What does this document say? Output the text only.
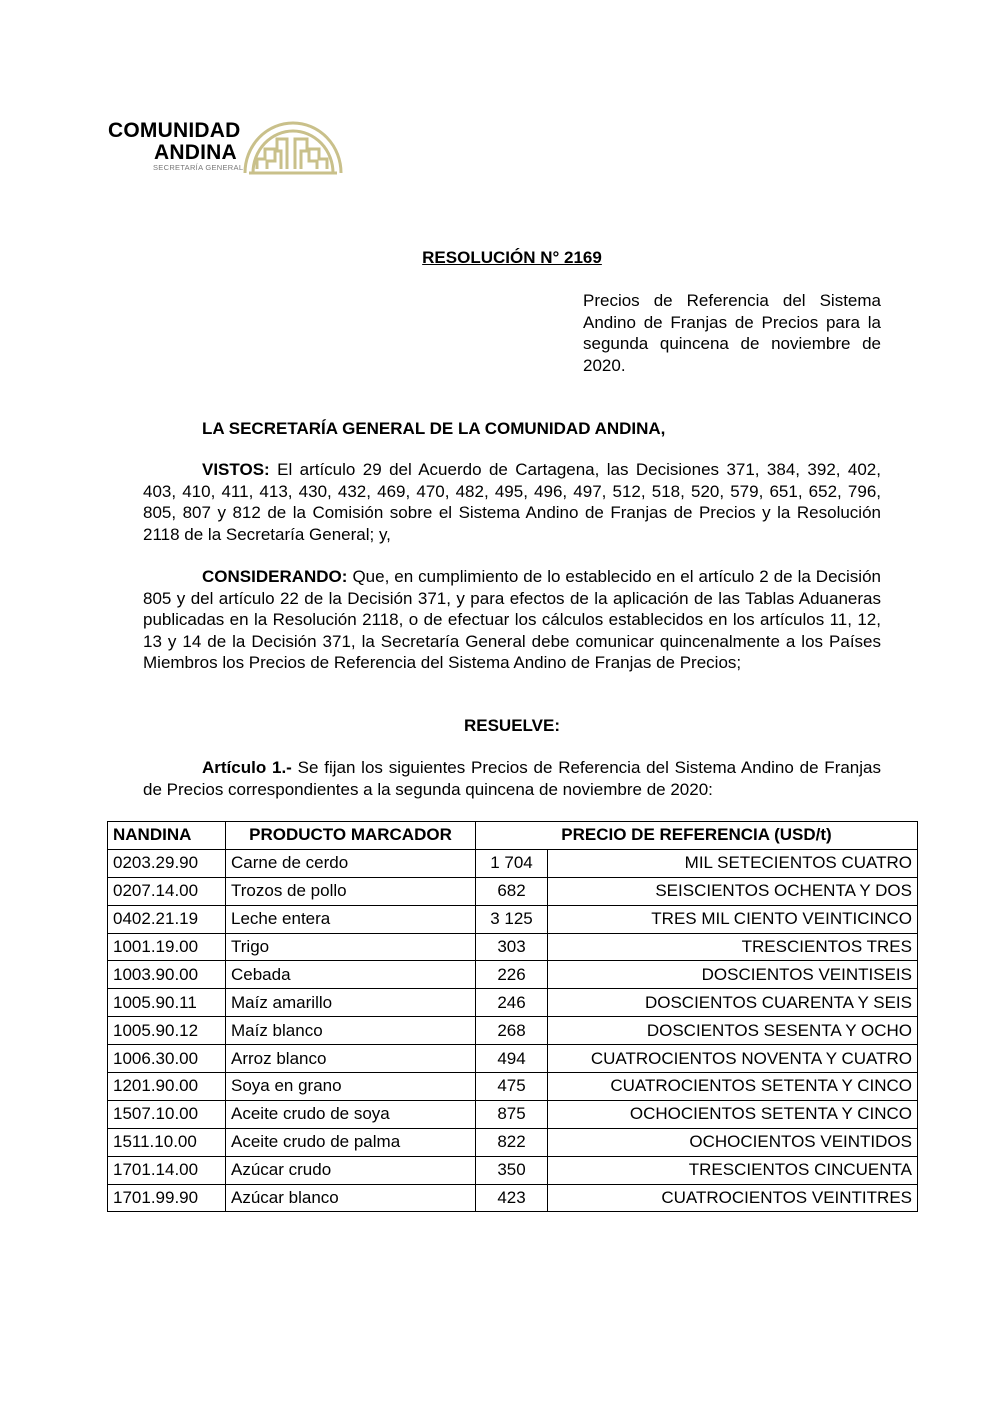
COMUNIDAD
ANDINA
SECRETARÍA GENERAL
RESOLUCIÓN N° 2169
Precios de Referencia del Sistema Andino de Franjas de Precios para la segunda quincena de noviembre de 2020.
LA SECRETARÍA GENERAL DE LA COMUNIDAD ANDINA,
VISTOS: El artículo 29 del Acuerdo de Cartagena, las Decisiones 371, 384, 392, 402, 403, 410, 411, 413, 430, 432, 469, 470, 482, 495, 496, 497, 512, 518, 520, 579, 651, 652, 796, 805, 807 y 812 de la Comisión sobre el Sistema Andino de Franjas de Precios y la Resolución 2118 de la Secretaría General; y,
CONSIDERANDO: Que, en cumplimiento de lo establecido en el artículo 2 de la Decisión 805 y del artículo 22 de la Decisión 371, y para efectos de la aplicación de las Tablas Aduaneras publicadas en la Resolución 2118, o de efectuar los cálculos establecidos en los artículos 11, 12, 13 y 14 de la Decisión 371, la Secretaría General debe comunicar quincenalmente a los Países Miembros los Precios de Referencia del Sistema Andino de Franjas de Precios;
RESUELVE:
Artículo 1.- Se fijan los siguientes Precios de Referencia del Sistema Andino de Franjas de Precios correspondientes a la segunda quincena de noviembre de 2020:
NANDINA	PRODUCTO MARCADOR	PRECIO DE REFERENCIA (USD/t)	
0203.29.90	Carne de cerdo	1 704	MIL SETECIENTOS CUATRO
0207.14.00	Trozos de pollo	682	SEISCIENTOS OCHENTA Y DOS
0402.21.19	Leche entera	3 125	TRES MIL CIENTO VEINTICINCO
1001.19.00	Trigo	303	TRESCIENTOS TRES
1003.90.00	Cebada	226	DOSCIENTOS VEINTISEIS
1005.90.11	Maíz amarillo	246	DOSCIENTOS CUARENTA Y SEIS
1005.90.12	Maíz blanco	268	DOSCIENTOS SESENTA Y OCHO
1006.30.00	Arroz blanco	494	CUATROCIENTOS NOVENTA Y CUATRO
1201.90.00	Soya en grano	475	CUATROCIENTOS SETENTA Y CINCO
1507.10.00	Aceite crudo de soya	875	OCHOCIENTOS SETENTA Y CINCO
1511.10.00	Aceite crudo de palma	822	OCHOCIENTOS VEINTIDOS
1701.14.00	Azúcar crudo	350	TRESCIENTOS CINCUENTA
1701.99.90	Azúcar blanco	423	CUATROCIENTOS VEINTITRES
